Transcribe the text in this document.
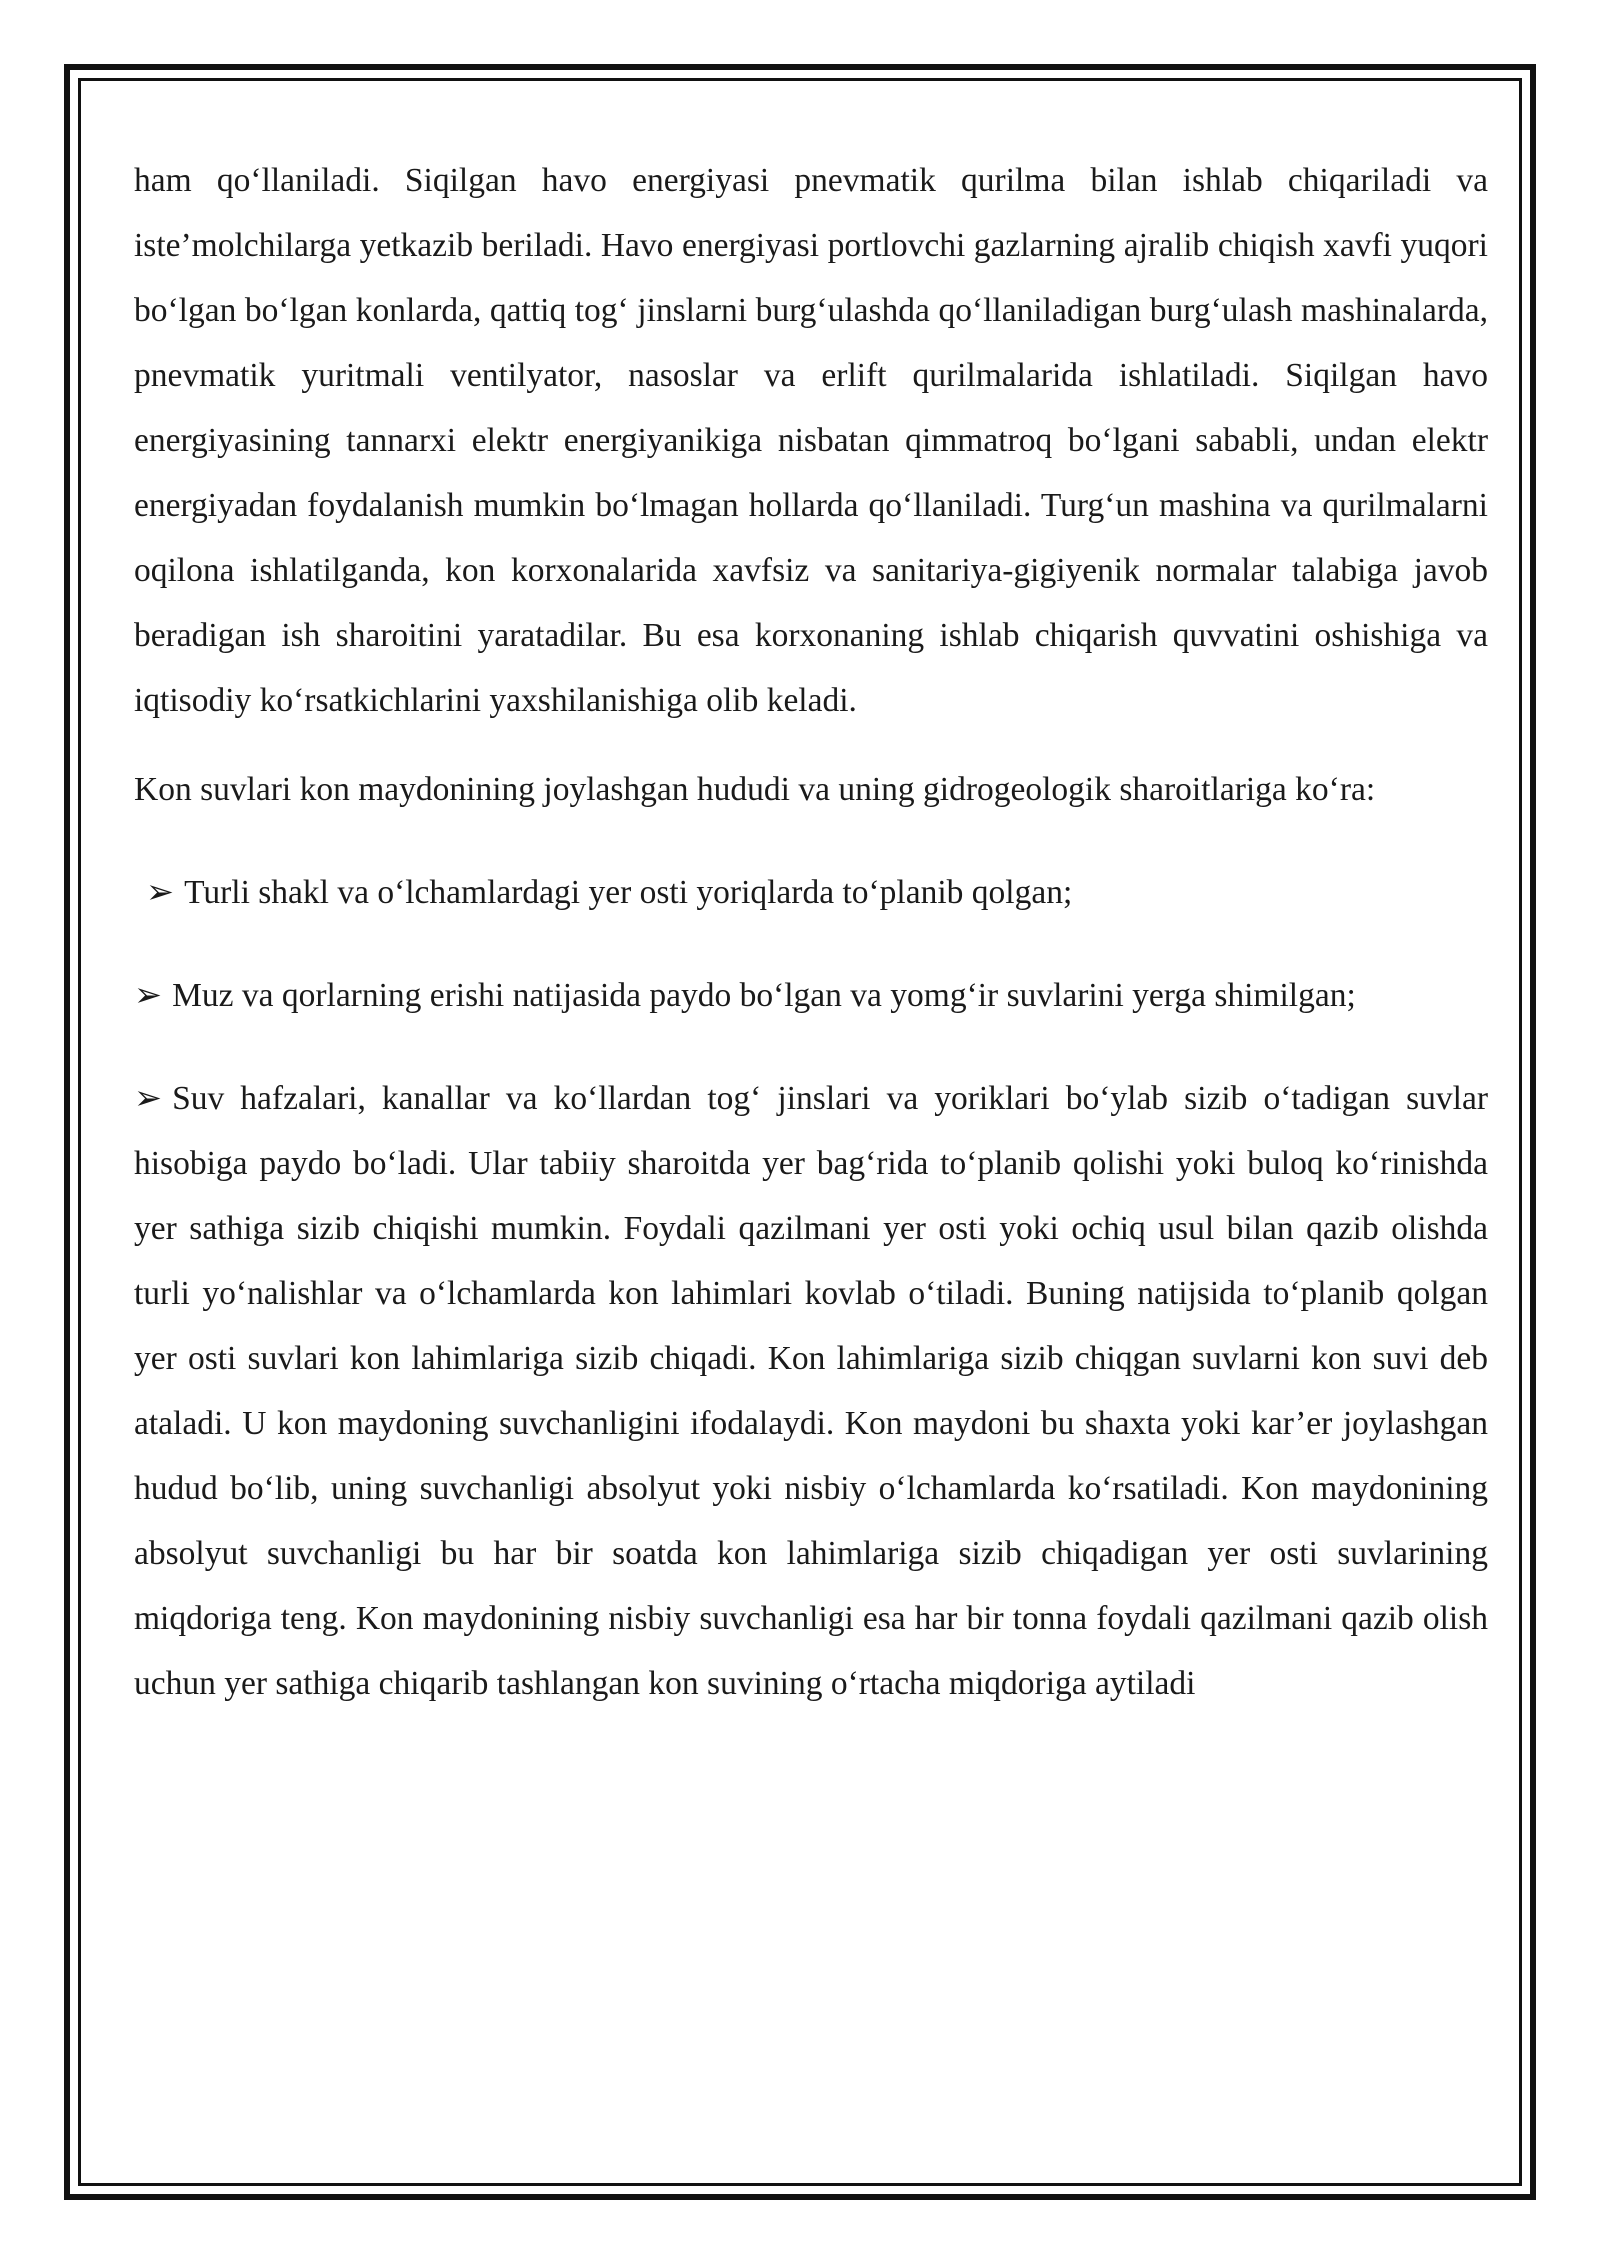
ham qo‘llaniladi. Siqilgan havo energiyasi pnevmatik qurilma bilan ishlab chiqariladi va iste’molchilarga yetkazib beriladi. Havo energiyasi portlovchi gazlarning ajralib chiqish xavfi yuqori bo‘lgan bo‘lgan konlarda, qattiq tog‘ jinslarni burg‘ulashda qo‘llaniladigan burg‘ulash mashinalarda, pnevmatik yuritmali ventilyator, nasoslar va erlift qurilmalarida ishlatiladi. Siqilgan havo energiyasining tannarxi elektr energiyanikiga nisbatan qimmatroq bo‘lgani sababli, undan elektr energiyadan foydalanish mumkin bo‘lmagan hollarda qo‘llaniladi. Turg‘un mashina va qurilmalarni oqilona ishlatilganda, kon korxonalarida xavfsiz va sanitariya-gigiyenik normalar talabiga javob beradigan ish sharoitini yaratadilar. Bu esa korxonaning ishlab chiqarish quvvatini oshishiga va iqtisodiy ko‘rsatkichlarini yaxshilanishiga olib keladi.

Kon suvlari kon maydonining joylashgan hududi va uning gidrogeologik sharoitlariga ko‘ra:

➢ Turli shakl va o‘lchamlardagi yer osti yoriqlarda to‘planib qolgan;

➢ Muz va qorlarning erishi natijasida paydo bo‘lgan va yomg‘ir suvlarini yerga shimilgan;

➢ Suv hafzalari, kanallar va ko‘llardan tog‘ jinslari va yoriklari bo‘ylab sizib o‘tadigan suvlar hisobiga paydo bo‘ladi. Ular tabiiy sharoitda yer bag‘rida to‘planib qolishi yoki buloq ko‘rinishda yer sathiga sizib chiqishi mumkin. Foydali qazilmani yer osti yoki ochiq usul bilan qazib olishda turli yo‘nalishlar va o‘lchamlarda kon lahimlari kovlab o‘tiladi. Buning natijsida to‘planib qolgan yer osti suvlari kon lahimlariga sizib chiqadi. Kon lahimlariga sizib chiqgan suvlarni kon suvi deb ataladi. U kon maydoning suvchanligini ifodalaydi. Kon maydoni bu shaxta yoki kar’er joylashgan hudud bo‘lib, uning suvchanligi absolyut yoki nisbiy o‘lchamlarda ko‘rsatiladi. Kon maydonining absolyut suvchanligi bu har bir soatda kon lahimlariga sizib chiqadigan yer osti suvlarining miqdoriga teng. Kon maydonining nisbiy suvchanligi esa har bir tonna foydali qazilmani qazib olish uchun yer sathiga chiqarib tashlangan kon suvining o‘rtacha miqdoriga aytiladi
